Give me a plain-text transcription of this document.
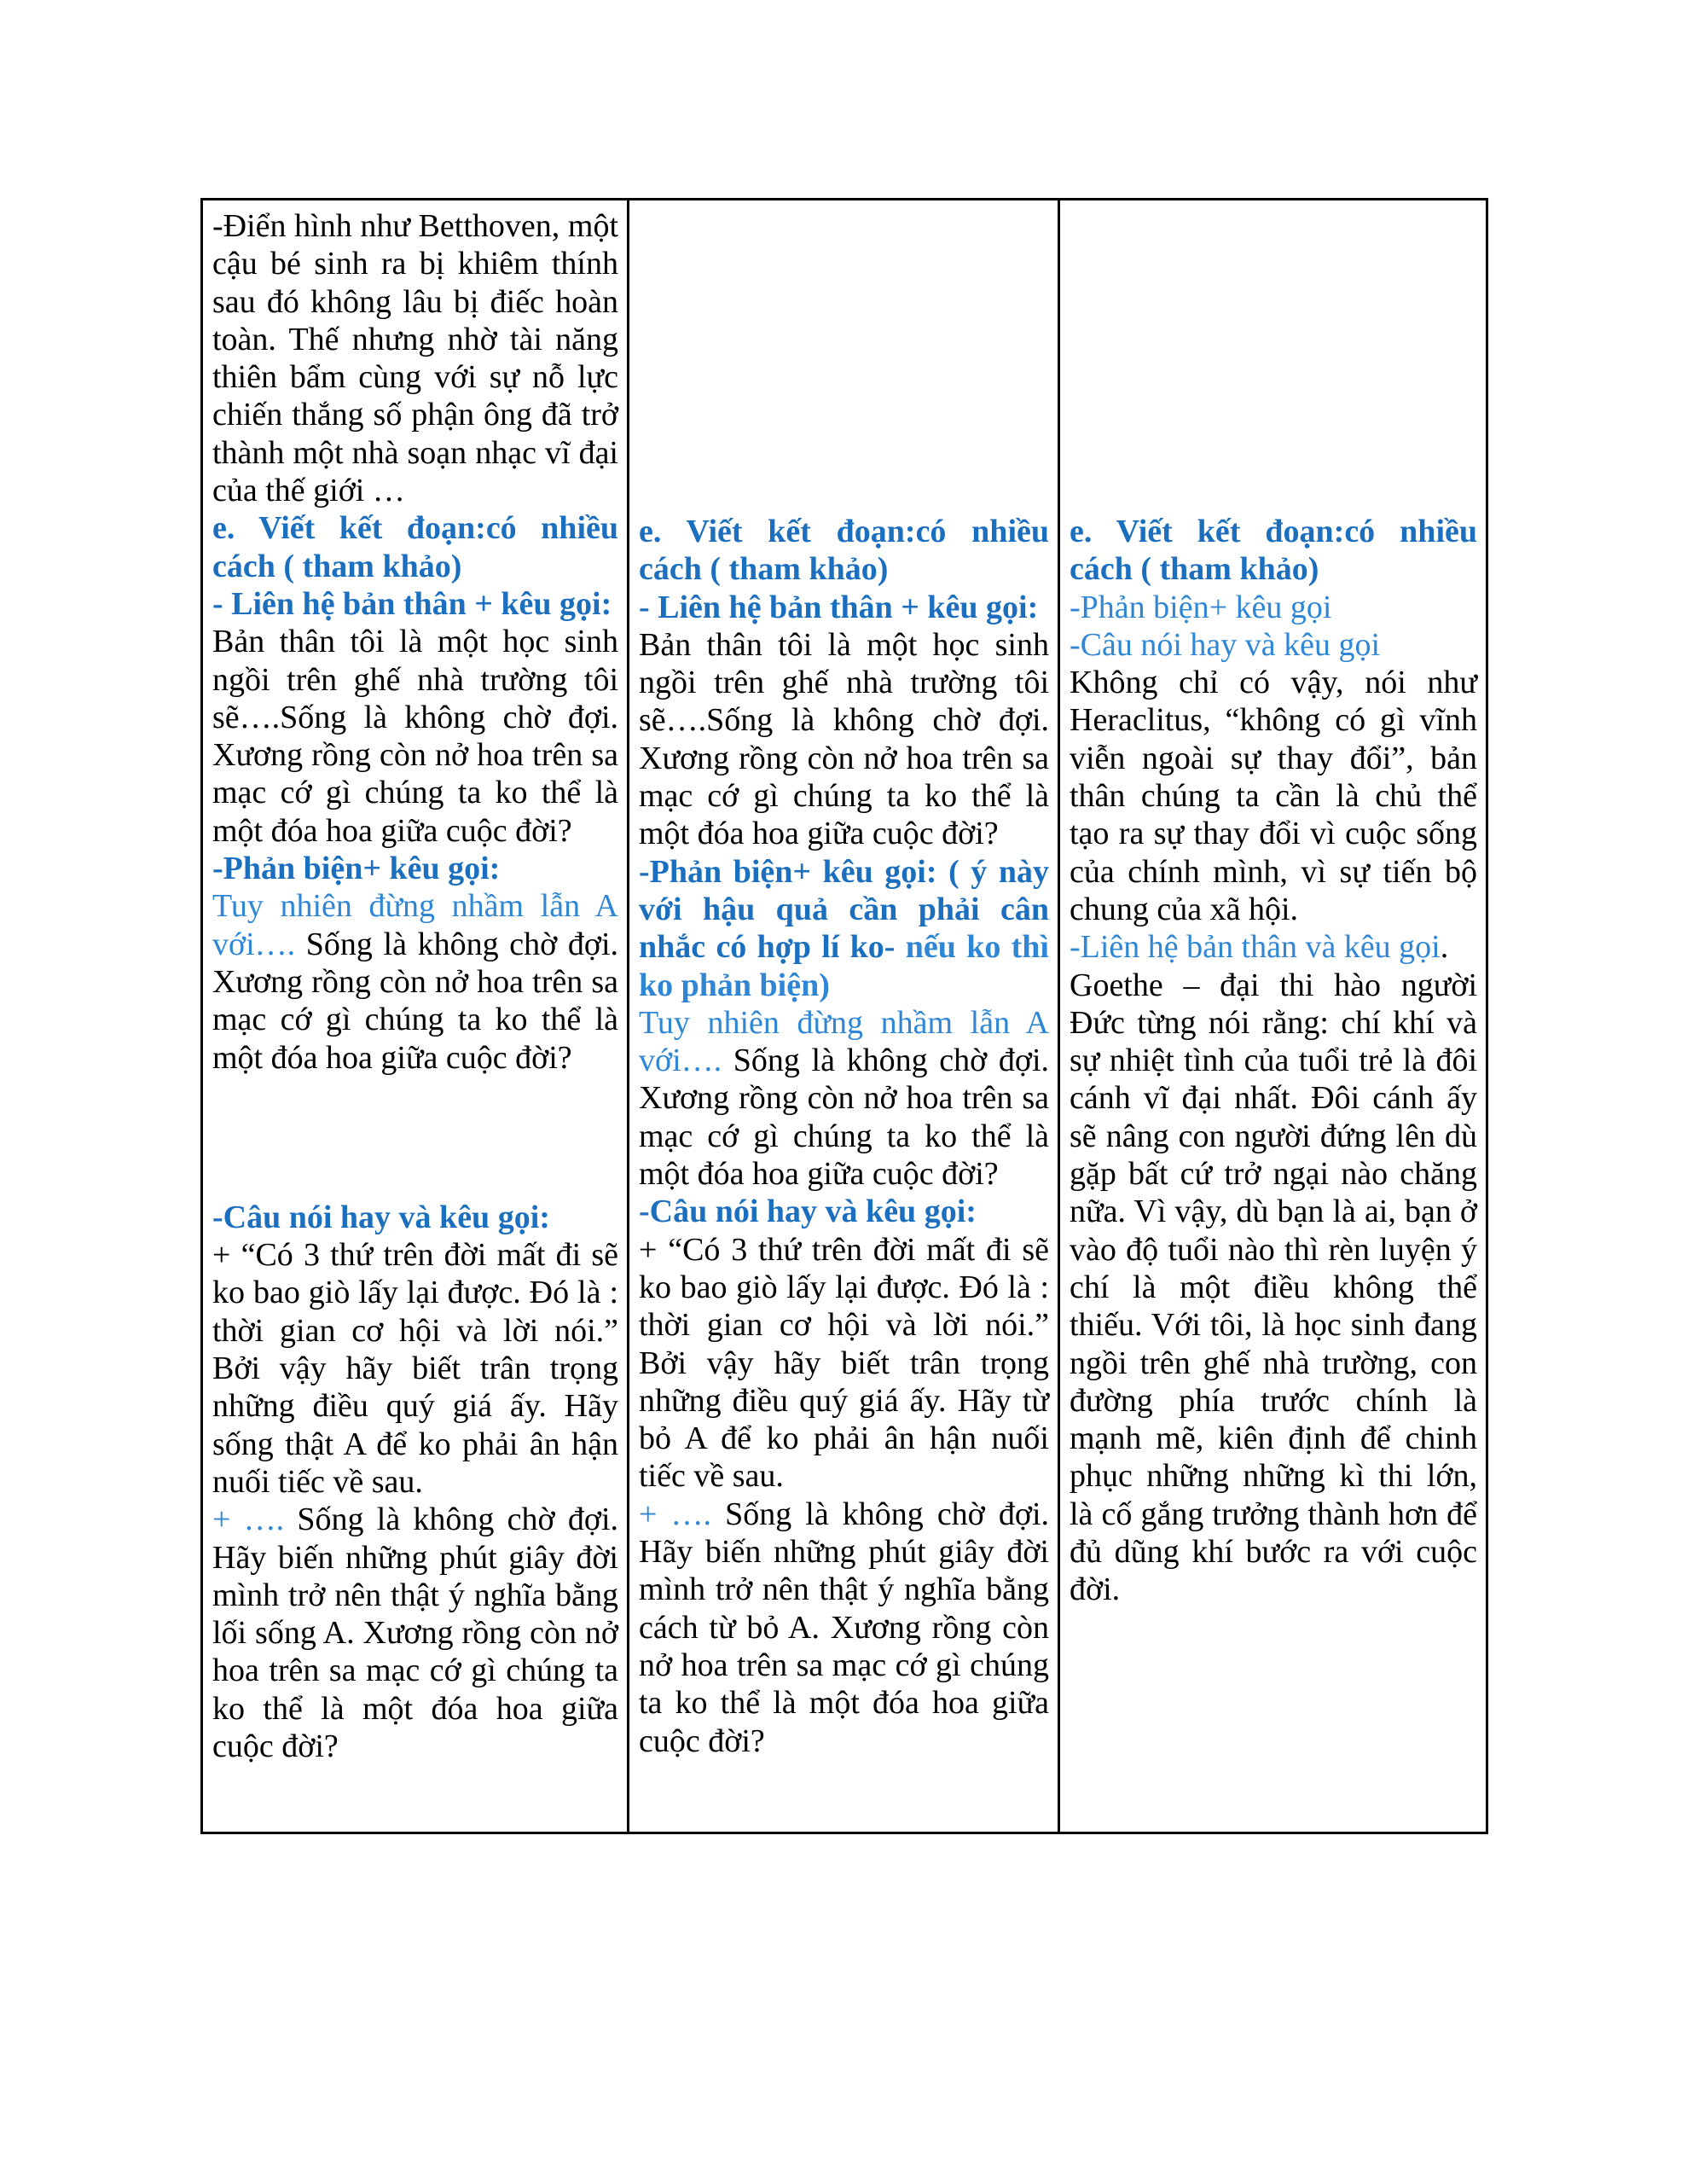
-Điển hình như Betthoven, một cậu bé sinh ra bị khiêm thính sau đó không lâu bị điếc hoàn toàn. Thế nhưng nhờ tài năng thiên bẩm cùng với sự nỗ lực chiến thắng số phận ông đã trở thành một nhà soạn nhạc vĩ đại của thế giới …

e. Viết kết đoạn:có nhiều cách ( tham khảo)

- Liên hệ bản thân + kêu gọi:

Bản thân tôi là một học sinh ngồi trên ghế nhà trường tôi sẽ….Sống là không chờ đợi. Xương rồng còn nở hoa trên sa mạc cớ gì chúng ta ko thể là một đóa hoa giữa cuộc đời?

-Phản biện+ kêu gọi:

Tuy nhiên đừng nhầm lẫn A với…. Sống là không chờ đợi. Xương rồng còn nở hoa trên sa mạc cớ gì chúng ta ko thể là một đóa hoa giữa cuộc đời?

-Câu nói hay và kêu gọi:

+ “Có 3 thứ trên đời mất đi sẽ ko bao giò lấy lại được. Đó là : thời gian cơ hội và lời nói.” Bởi vậy hãy biết trân trọng những điều quý giá ấy. Hãy sống thật A để ko phải ân hận nuối tiếc về sau.

+ …. Sống là không chờ đợi. Hãy biến những phút giây đời mình trở nên thật ý nghĩa bằng lối sống A. Xương rồng còn nở hoa trên sa mạc cớ gì chúng ta ko thể là một đóa hoa giữa cuộc đời?

e. Viết kết đoạn:có nhiều cách ( tham khảo)

- Liên hệ bản thân + kêu gọi:

Bản thân tôi là một học sinh ngồi trên ghế nhà trường tôi sẽ….Sống là không chờ đợi. Xương rồng còn nở hoa trên sa mạc cớ gì chúng ta ko thể là một đóa hoa giữa cuộc đời?

-Phản biện+ kêu gọi: ( ý này với hậu quả cần phải cân nhắc có hợp lí ko- nếu ko thì ko phản biện)

Tuy nhiên đừng nhầm lẫn A với…. Sống là không chờ đợi. Xương rồng còn nở hoa trên sa mạc cớ gì chúng ta ko thể là một đóa hoa giữa cuộc đời?

-Câu nói hay và kêu gọi:

+ “Có 3 thứ trên đời mất đi sẽ ko bao giò lấy lại được. Đó là : thời gian cơ hội và lời nói.” Bởi vậy hãy biết trân trọng những điều quý giá ấy. Hãy từ bỏ A để ko phải ân hận nuối tiếc về sau.

+ …. Sống là không chờ đợi. Hãy biến những phút giây đời mình trở nên thật ý nghĩa bằng cách từ bỏ A. Xương rồng còn nở hoa trên sa mạc cớ gì chúng ta ko thể là một đóa hoa giữa cuộc đời?

e. Viết kết đoạn:có nhiều cách ( tham khảo)

-Phản biện+ kêu gọi

-Câu nói hay và kêu gọi

Không chỉ có vậy, nói như Heraclitus, “không có gì vĩnh viễn ngoài sự thay đổi”, bản thân chúng ta cần là chủ thể tạo ra sự thay đổi vì cuộc sống của chính mình, vì sự tiến bộ chung của xã hội.

-Liên hệ bản thân và kêu gọi.

Goethe – đại thi hào người Đức từng nói rằng: chí khí và sự nhiệt tình của tuổi trẻ là đôi cánh vĩ đại nhất. Đôi cánh ấy sẽ nâng con người đứng lên dù gặp bất cứ trở ngại nào chăng nữa. Vì vậy, dù bạn là ai, bạn ở vào độ tuổi nào thì rèn luyện ý chí là một điều không thể thiếu. Với tôi, là học sinh đang ngồi trên ghế nhà trường, con đường phía trước chính là mạnh mẽ, kiên định để chinh phục những những kì thi lớn, là cố gắng trưởng thành hơn để đủ dũng khí bước ra với cuộc đời.
